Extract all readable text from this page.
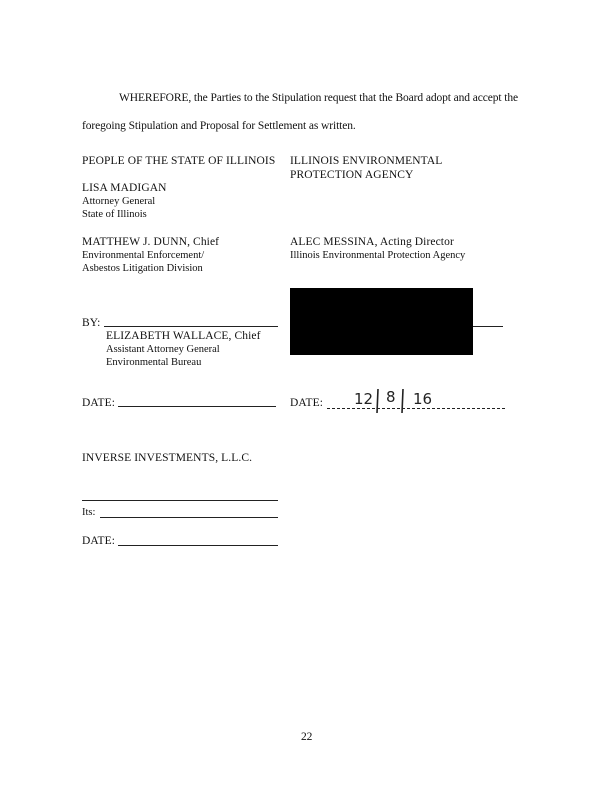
WHEREFORE, the Parties to the Stipulation request that the Board adopt and accept the
foregoing Stipulation and Proposal for Settlement as written.
PEOPLE OF THE STATE OF ILLINOIS
LISA MADIGAN
Attorney General
State of Illinois
MATTHEW J. DUNN, Chief
Environmental Enforcement/
Asbestos Litigation Division
BY:
ELIZABETH WALLACE, Chief
Assistant Attorney General
Environmental Bureau
DATE:
ILLINOIS ENVIRONMENTAL
PROTECTION AGENCY
ALEC MESSINA, Acting Director
Illinois Environmental Protection Agency
DATE: 12 8 16
INVERSE INVESTMENTS, L.L.C.
Its:
DATE:
22
